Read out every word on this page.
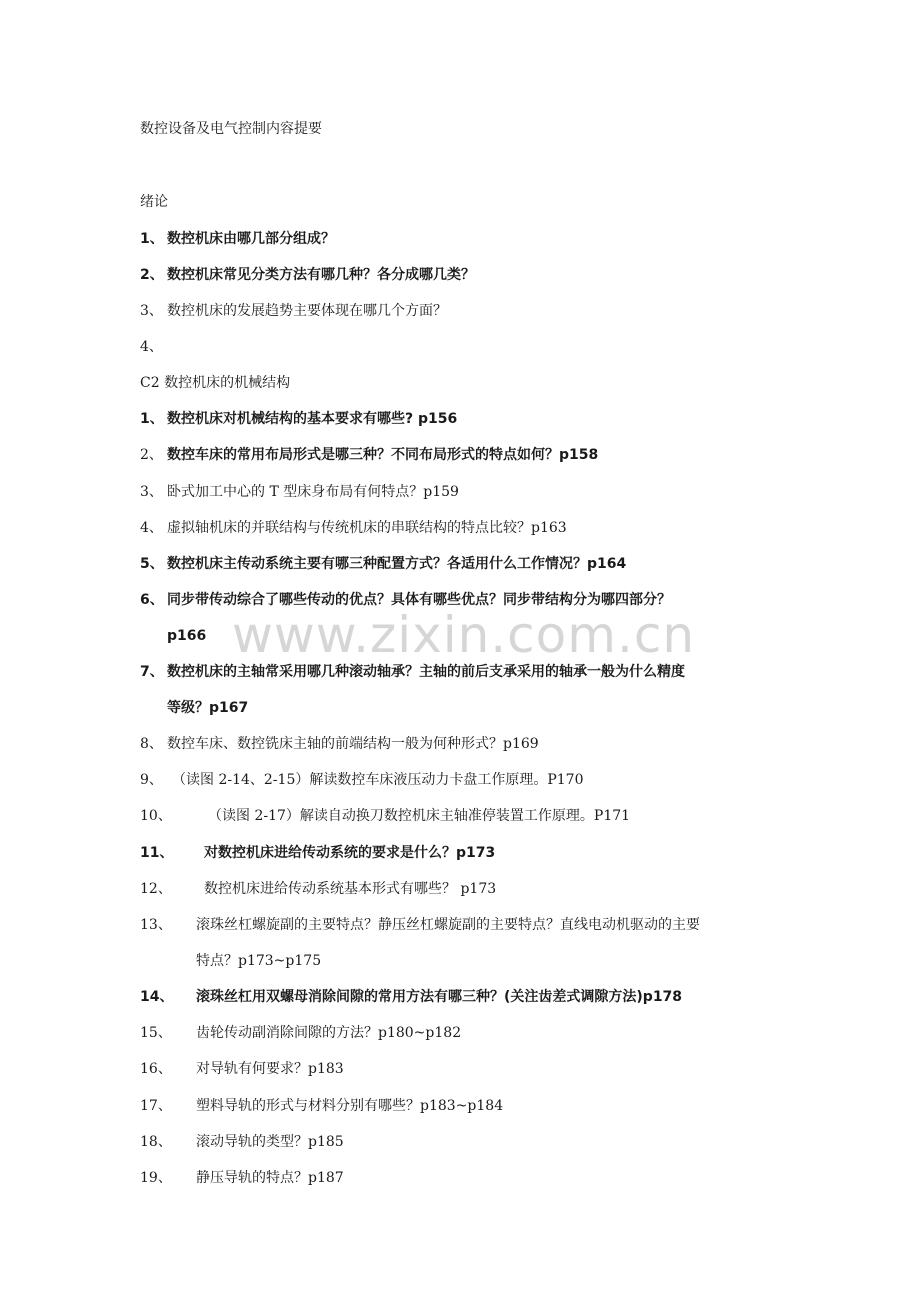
www.zixin.com.cn
数控设备及电气控制内容提要
绪论
1、 数控机床由哪几部分组成？
2、 数控机床常见分类方法有哪几种？各分成哪几类？
3、 数控机床的发展趋势主要体现在哪几个方面？
4、
C2 数控机床的机械结构
1、 数控机床对机械结构的基本要求有哪些? p156
2、 数控车床的常用布局形式是哪三种？不同布局形式的特点如何？p158
3、 卧式加工中心的 T 型床身布局有何特点？p159
4、 虚拟轴机床的并联结构与传统机床的串联结构的特点比较？p163
5、 数控机床主传动系统主要有哪三种配置方式？各适用什么工作情况？p164
6、 同步带传动综合了哪些传动的优点？具体有哪些优点？同步带结构分为哪四部分？
p166
7、 数控机床的主轴常采用哪几种滚动轴承？主轴的前后支承采用的轴承一般为什么精度
等级？p167
8、 数控车床、数控铣床主轴的前端结构一般为何种形式？p169
9、 （读图 2-14、2-15）解读数控车床液压动力卡盘工作原理。P170
10、	（读图 2-17）解读自动换刀数控机床主轴准停装置工作原理。P171
11、 对数控机床进给传动系统的要求是什么？p173
12、 数控机床进给传动系统基本形式有哪些？ p173
13、 滚珠丝杠螺旋副的主要特点？静压丝杠螺旋副的主要特点？直线电动机驱动的主要
特点？p173~p175
14、 滚珠丝杠用双螺母消除间隙的常用方法有哪三种？(关注齿差式调隙方法)p178
15、 齿轮传动副消除间隙的方法？p180~p182
16、 对导轨有何要求？p183
17、 塑料导轨的形式与材料分别有哪些？p183~p184
18、 滚动导轨的类型？p185
19、 静压导轨的特点？p187
